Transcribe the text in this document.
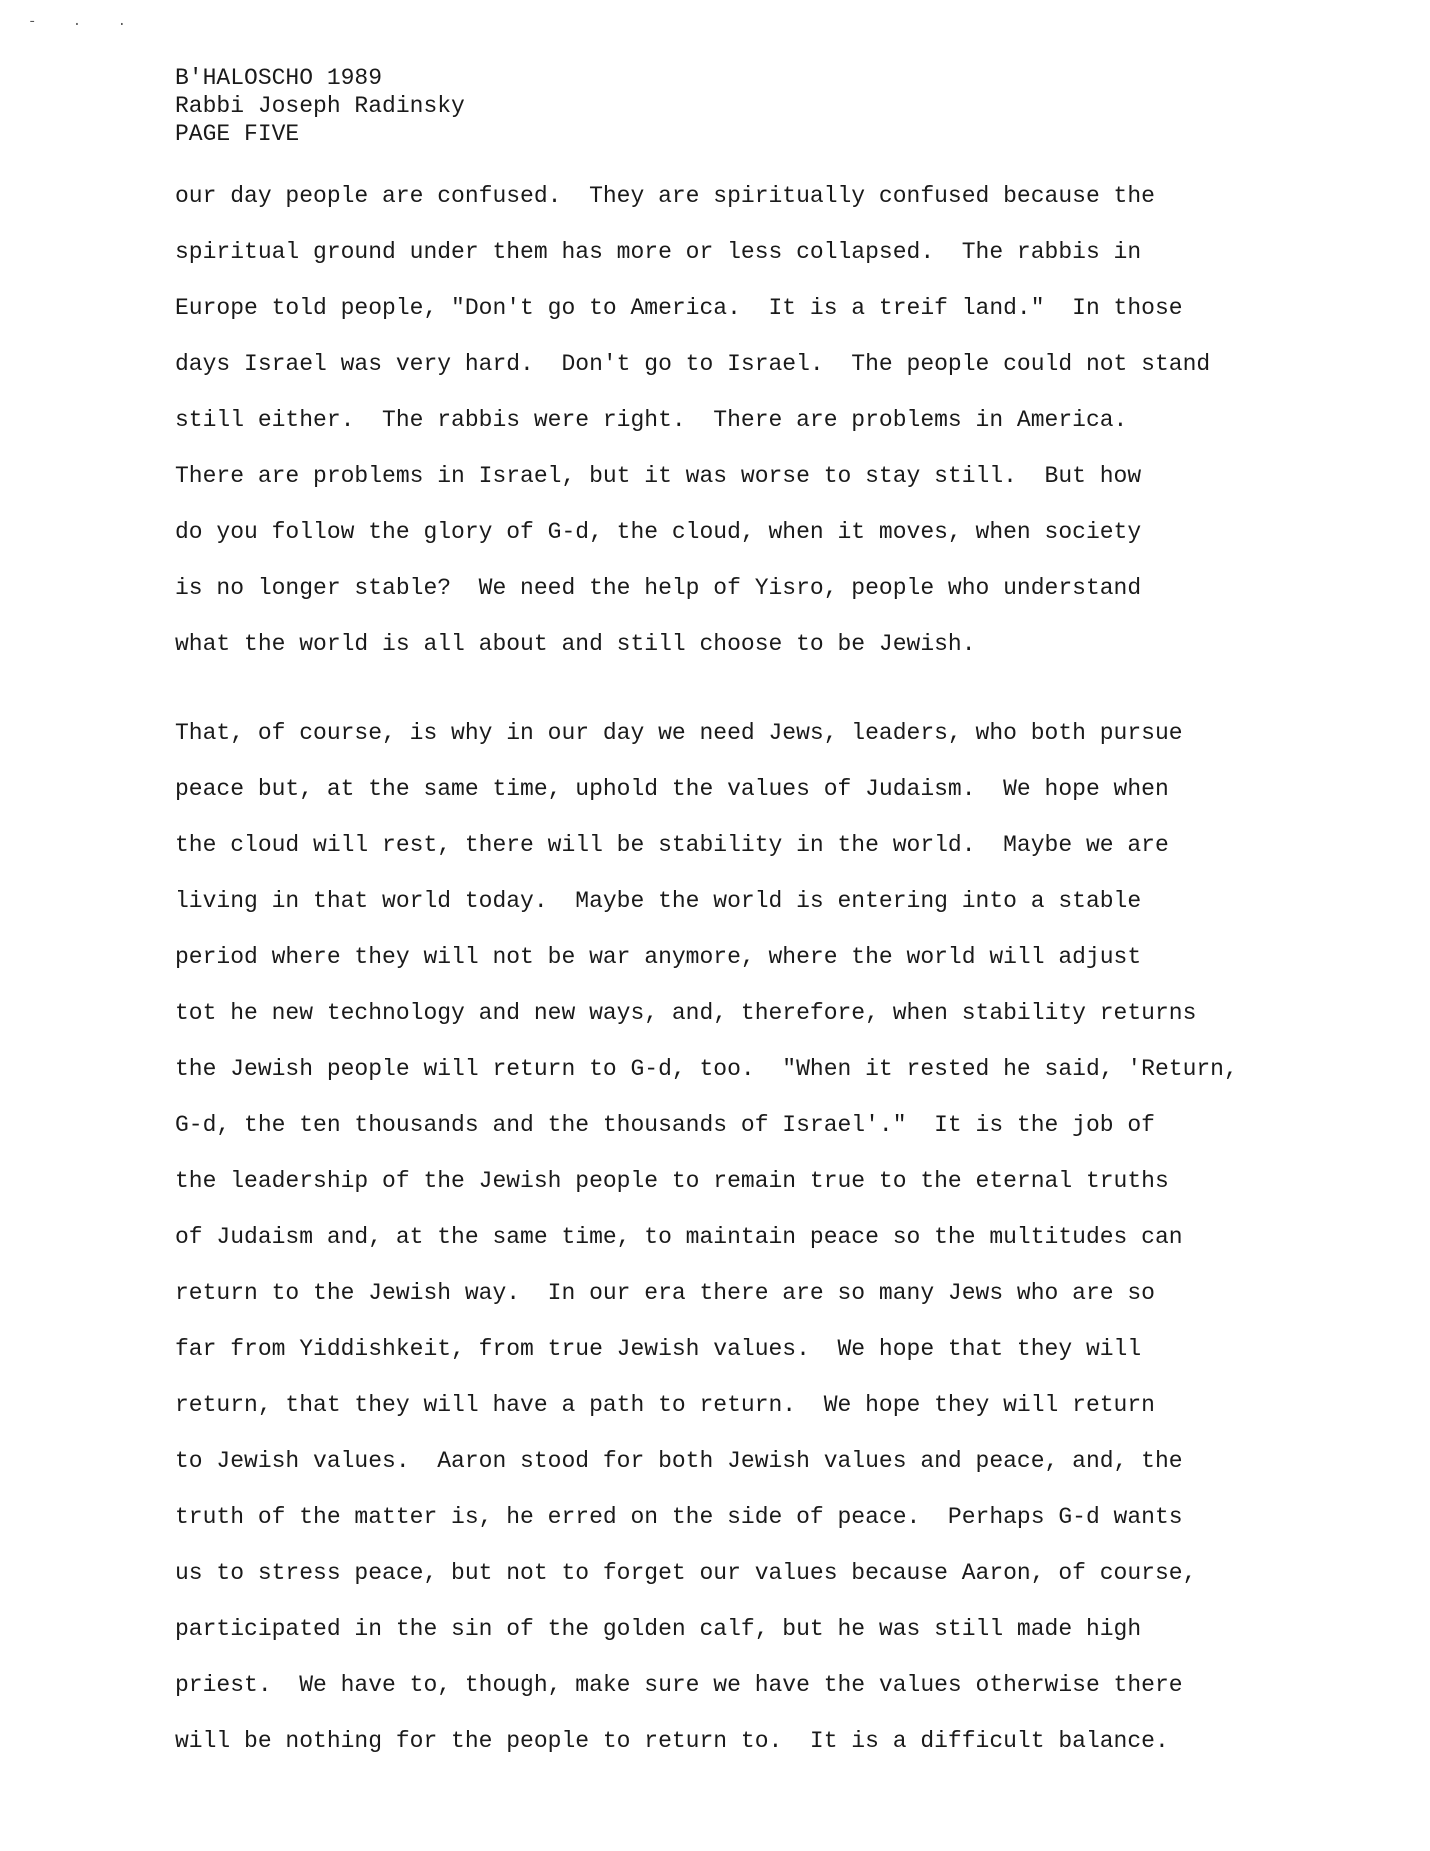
- . .
B'HALOSCHO 1989
Rabbi Joseph Radinsky
PAGE FIVE
our day people are confused.  They are spiritually confused because the
spiritual ground under them has more or less collapsed.  The rabbis in
Europe told people, "Don't go to America.  It is a treif land."  In those
days Israel was very hard.  Don't go to Israel.  The people could not stand
still either.  The rabbis were right.  There are problems in America.
There are problems in Israel, but it was worse to stay still.  But how
do you follow the glory of G-d, the cloud, when it moves, when society
is no longer stable?  We need the help of Yisro, people who understand
what the world is all about and still choose to be Jewish.
That, of course, is why in our day we need Jews, leaders, who both pursue
peace but, at the same time, uphold the values of Judaism.  We hope when
the cloud will rest, there will be stability in the world.  Maybe we are
living in that world today.  Maybe the world is entering into a stable
period where they will not be war anymore, where the world will adjust
tot he new technology and new ways, and, therefore, when stability returns
the Jewish people will return to G-d, too.  "When it rested he said, 'Return,
G-d, the ten thousands and the thousands of Israel'."  It is the job of
the leadership of the Jewish people to remain true to the eternal truths
of Judaism and, at the same time, to maintain peace so the multitudes can
return to the Jewish way.  In our era there are so many Jews who are so
far from Yiddishkeit, from true Jewish values.  We hope that they will
return, that they will have a path to return.  We hope they will return
to Jewish values.  Aaron stood for both Jewish values and peace, and, the
truth of the matter is, he erred on the side of peace.  Perhaps G-d wants
us to stress peace, but not to forget our values because Aaron, of course,
participated in the sin of the golden calf, but he was still made high
priest.  We have to, though, make sure we have the values otherwise there
will be nothing for the people to return to.  It is a difficult balance.
